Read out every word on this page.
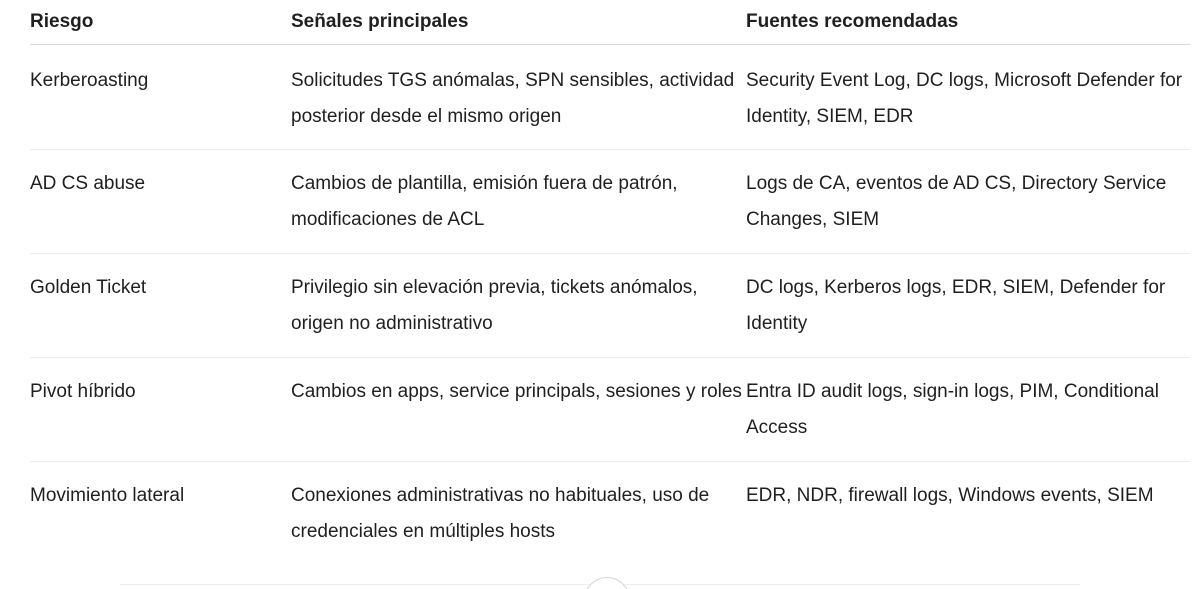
Riesgo	Señales principales	Fuentes recomendadas

Kerberoasting	Solicitudes TGS anómalas, SPN sensibles, actividad posterior desde el mismo origen	Security Event Log, DC logs, Microsoft Defender for Identity, SIEM, EDR

AD CS abuse	Cambios de plantilla, emisión fuera de patrón, modificaciones de ACL	Logs de CA, eventos de AD CS, Directory Service Changes, SIEM

Golden Ticket	Privilegio sin elevación previa, tickets anómalos, origen no administrativo	DC logs, Kerberos logs, EDR, SIEM, Defender for Identity

Pivot híbrido	Cambios en apps, service principals, sesiones y roles	Entra ID audit logs, sign-in logs, PIM, Conditional Access

Movimiento lateral	Conexiones administrativas no habituales, uso de credenciales en múltiples hosts	EDR, NDR, firewall logs, Windows events, SIEM
